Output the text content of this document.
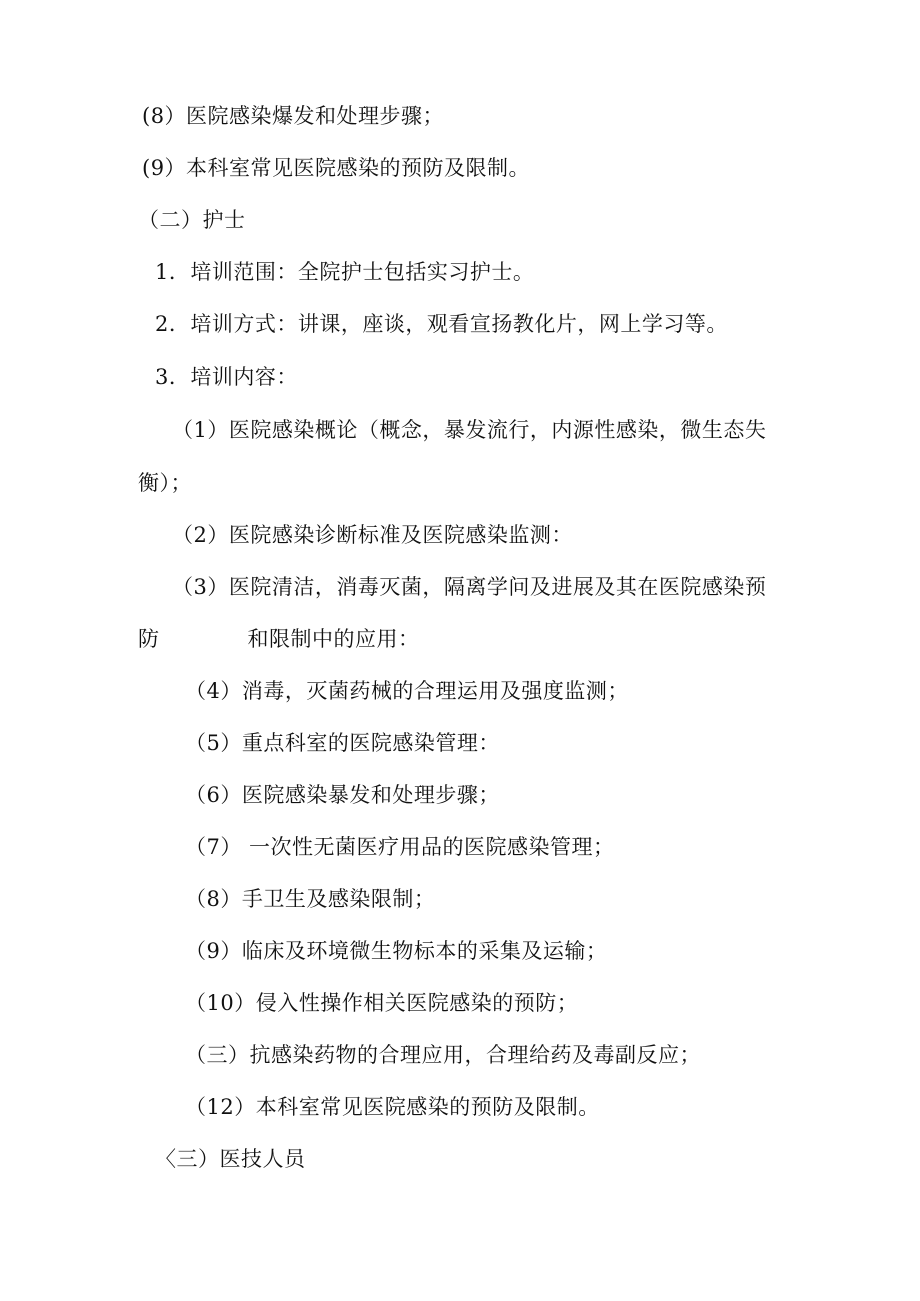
(8）医院感染爆发和处理步骤；
(9）本科室常见医院感染的预防及限制。
（二）护士
1．培训范围：全院护士包括实习护士。
2．培训方式：讲课，座谈，观看宣扬教化片，网上学习等。
3．培训内容：
（1）医院感染概论（概念，暴发流行，内源性感染，微生态失
衡）；
（2）医院感染诊断标准及医院感染监测：
（3）医院清洁，消毒灭菌，隔离学问及进展及其在医院感染预
防	和限制中的应用：
（4）消毒，灭菌药械的合理运用及强度监测；
（5）重点科室的医院感染管理：
（6）医院感染暴发和处理步骤；
（7） 一次性无菌医疗用品的医院感染管理；
（8）手卫生及感染限制；
（9）临床及环境微生物标本的采集及运输；
（10）侵入性操作相关医院感染的预防；
（三）抗感染药物的合理应用，合理给药及毒副反应；
（12）本科室常见医院感染的预防及限制。
〈三）医技人员
